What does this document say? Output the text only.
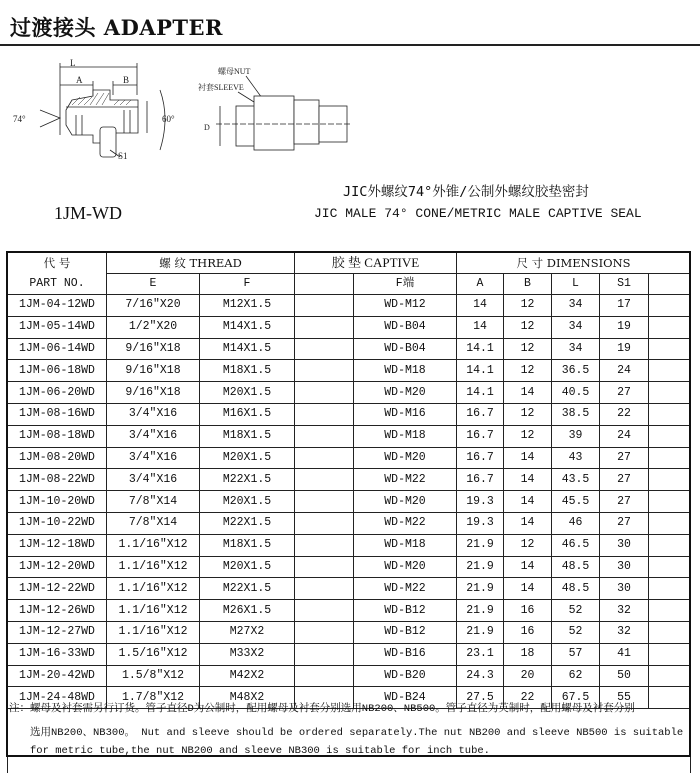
过渡接头 ADAPTER
L
A	B
74°	60°
S1
螺母NUT
衬套SLEEVE
D
JIC外螺纹74°外锥/公制外螺纹胶垫密封
JIC MALE 74° CONE/METRIC MALE CAPTIVE SEAL
1JM-WD
代 号	螺 纹 THREAD		胶 垫 CAPTIVE		尺 寸 DIMENSIONS				
PART NO.	E	F		F端	A	B	L	S1	
1JM-04-12WD	7/16″X20	M12X1.5		WD-M12	14	12	34	17	
1JM-05-14WD	1/2″X20	M14X1.5		WD-B04	14	12	34	19	
1JM-06-14WD	9/16″X18	M14X1.5		WD-B04	14.1	12	34	19	
1JM-06-18WD	9/16″X18	M18X1.5		WD-M18	14.1	12	36.5	24	
1JM-06-20WD	9/16″X18	M20X1.5		WD-M20	14.1	14	40.5	27	
1JM-08-16WD	3/4″X16	M16X1.5		WD-M16	16.7	12	38.5	22	
1JM-08-18WD	3/4″X16	M18X1.5		WD-M18	16.7	12	39	24	
1JM-08-20WD	3/4″X16	M20X1.5		WD-M20	16.7	14	43	27	
1JM-08-22WD	3/4″X16	M22X1.5		WD-M22	16.7	14	43.5	27	
1JM-10-20WD	7/8″X14	M20X1.5		WD-M20	19.3	14	45.5	27	
1JM-10-22WD	7/8″X14	M22X1.5		WD-M22	19.3	14	46	27	
1JM-12-18WD	1.1/16″X12	M18X1.5		WD-M18	21.9	12	46.5	30	
1JM-12-20WD	1.1/16″X12	M20X1.5		WD-M20	21.9	14	48.5	30	
1JM-12-22WD	1.1/16″X12	M22X1.5		WD-M22	21.9	14	48.5	30	
1JM-12-26WD	1.1/16″X12	M26X1.5		WD-B12	21.9	16	52	32	
1JM-12-27WD	1.1/16″X12	M27X2		WD-B12	21.9	16	52	32	
1JM-16-33WD	1.5/16″X12	M33X2		WD-B16	23.1	18	57	41	
1JM-20-42WD	1.5/8″X12	M42X2		WD-B20	24.3	20	62	50	
1JM-24-48WD	1.7/8″X12	M48X2		WD-B24	27.5	22	67.5	55	

注：螺母及衬套需另行订货。管子直径D为公制时，配用螺母及衬套分别选用NB200、NB500。管子直径为英制时，配用螺母及衬套分别
选用NB200、NB300。 Nut and sleeve should be ordered separately.The nut NB200 and sleeve NB500 is suitable
for metric tube,the nut NB200 and sleeve NB300 is suitable for inch tube.
